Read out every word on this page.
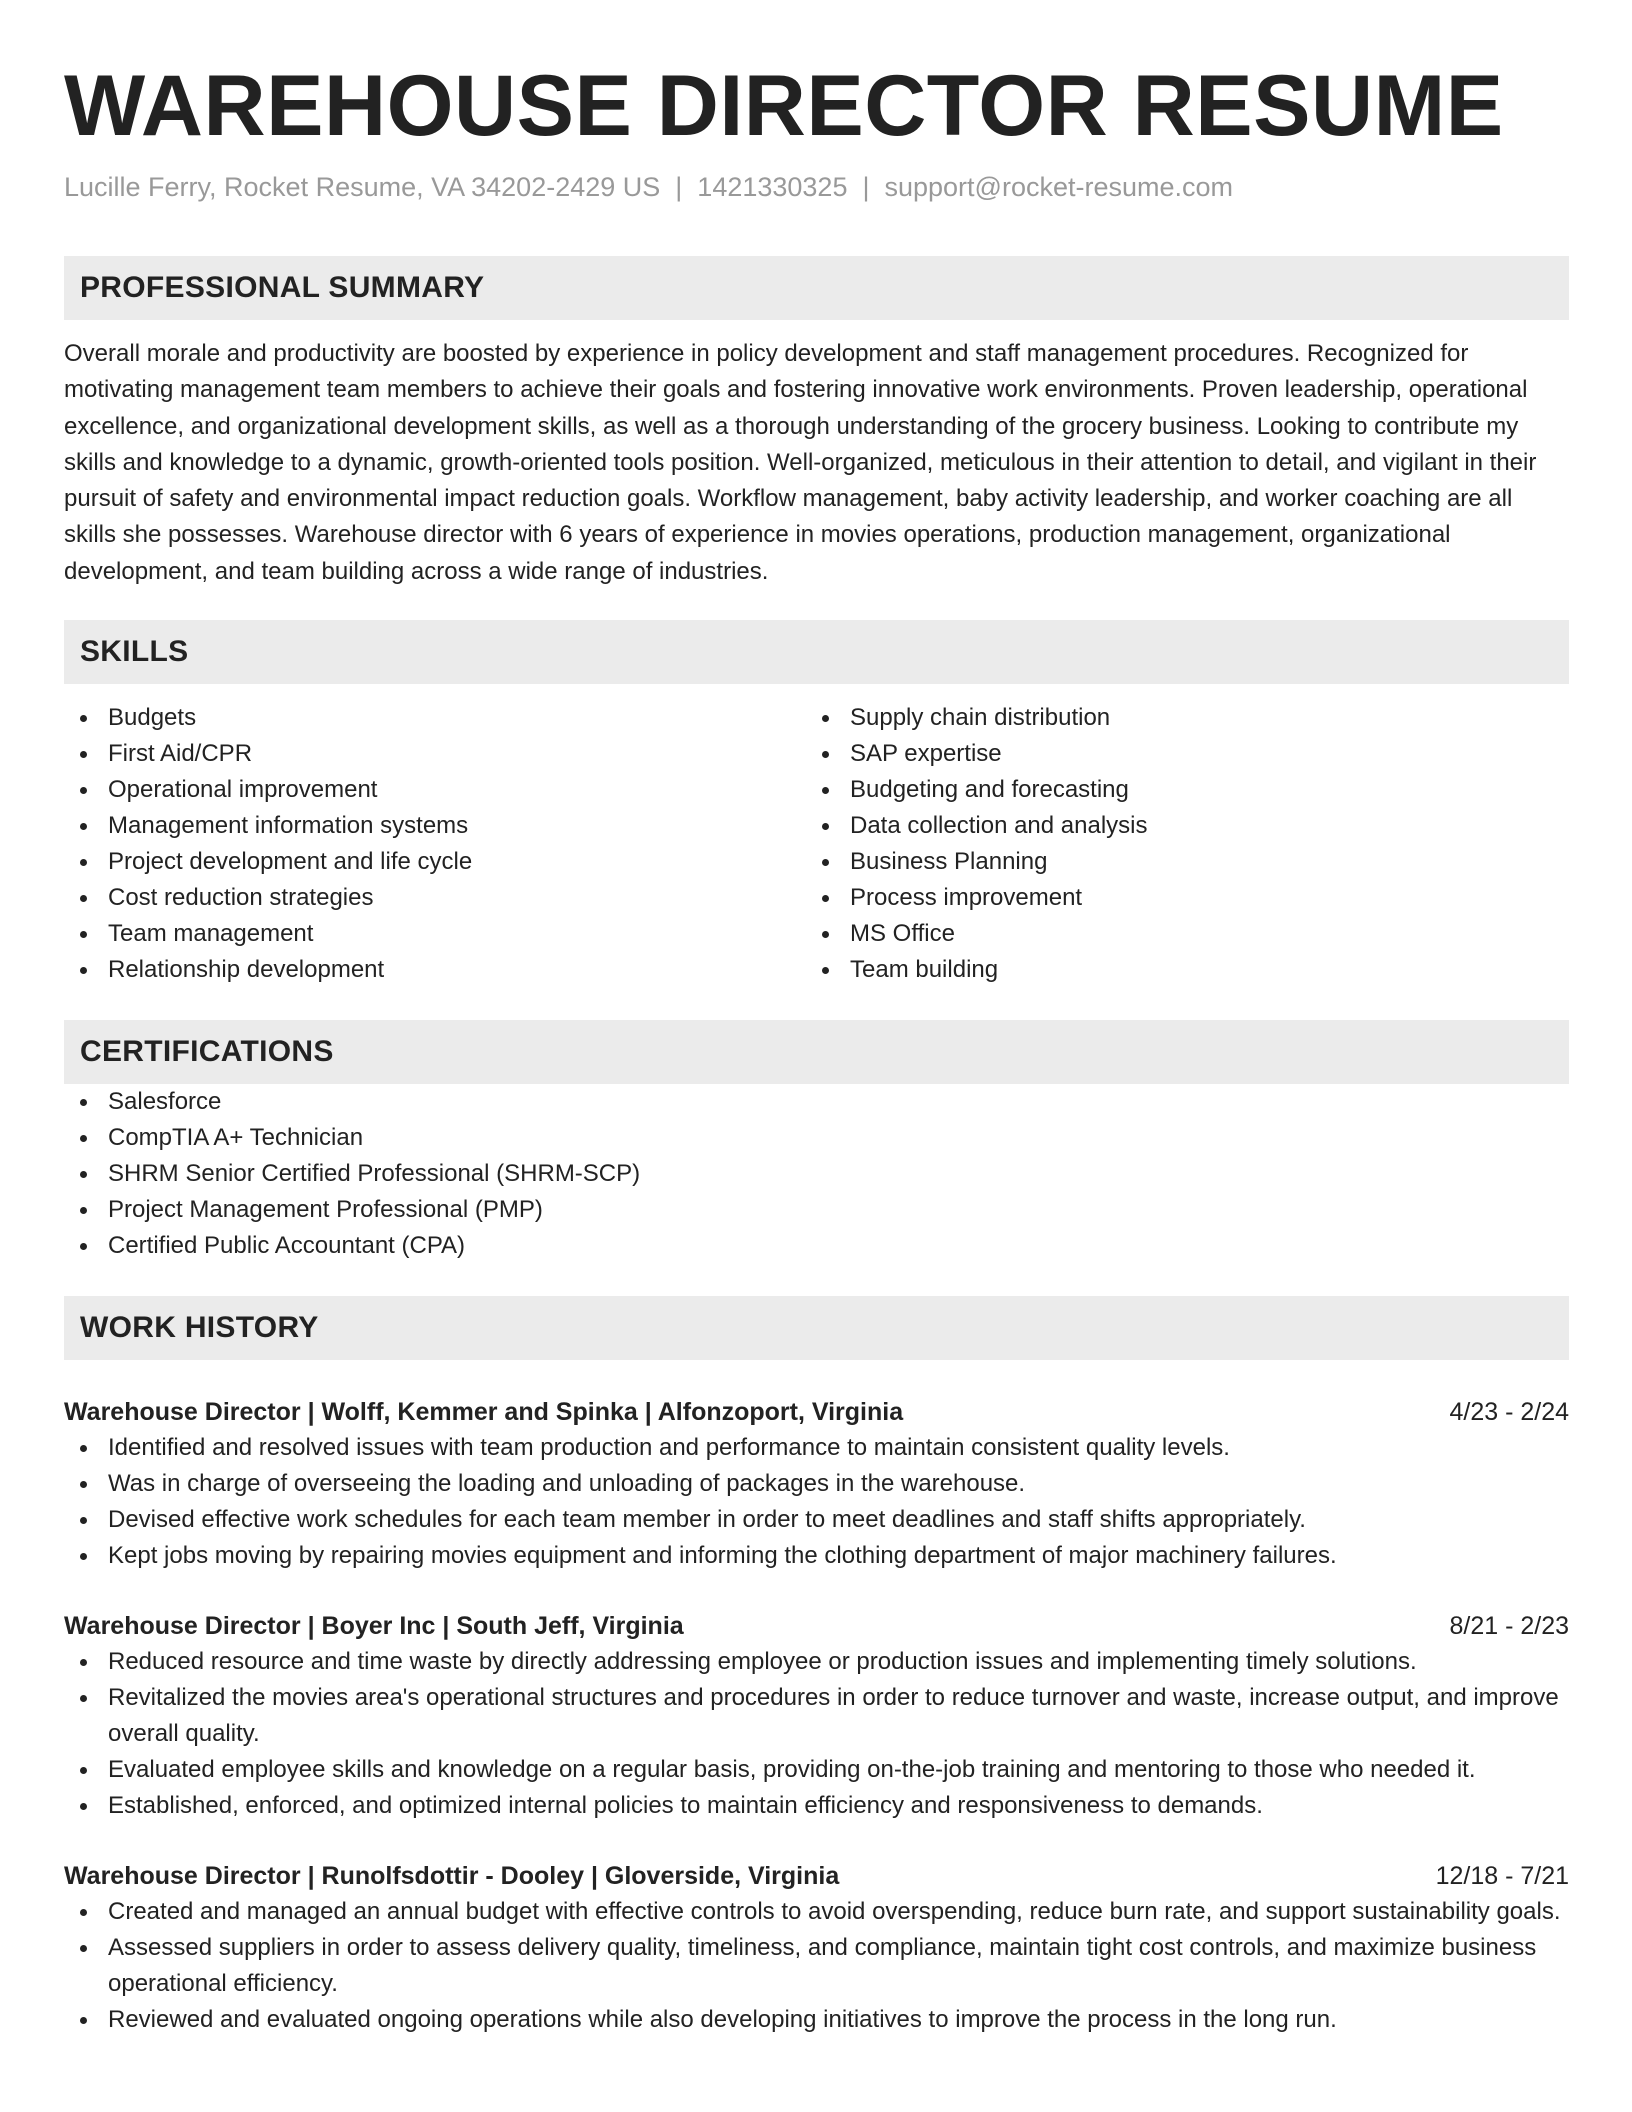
WAREHOUSE DIRECTOR RESUME
Lucille Ferry, Rocket Resume, VA 34202-2429 US | 1421330325 | support@rocket-resume.com
PROFESSIONAL SUMMARY

Overall morale and productivity are boosted by experience in policy development and staff management procedures. Recognized for motivating management team members to achieve their goals and fostering innovative work environments. Proven leadership, operational excellence, and organizational development skills, as well as a thorough understanding of the grocery business. Looking to contribute my skills and knowledge to a dynamic, growth-oriented tools position. Well-organized, meticulous in their attention to detail, and vigilant in their pursuit of safety and environmental impact reduction goals. Workflow management, baby activity leadership, and worker coaching are all skills she possesses. Warehouse director with 6 years of experience in movies operations, production management, organizational development, and team building across a wide range of industries.

SKILLS
Budgets
First Aid/CPR
Operational improvement
Management information systems
Project development and life cycle
Cost reduction strategies
Team management
Relationship development
Supply chain distribution
SAP expertise
Budgeting and forecasting
Data collection and analysis
Business Planning
Process improvement
MS Office
Team building
CERTIFICATIONS
Salesforce
CompTIA A+ Technician
SHRM Senior Certified Professional (SHRM-SCP)
Project Management Professional (PMP)
Certified Public Accountant (CPA)
WORK HISTORY
Warehouse Director | Wolff, Kemmer and Spinka | Alfonzoport, Virginia	4/23 - 2/24
Identified and resolved issues with team production and performance to maintain consistent quality levels.
Was in charge of overseeing the loading and unloading of packages in the warehouse.
Devised effective work schedules for each team member in order to meet deadlines and staff shifts appropriately.
Kept jobs moving by repairing movies equipment and informing the clothing department of major machinery failures.
Warehouse Director | Boyer Inc | South Jeff, Virginia	8/21 - 2/23
Reduced resource and time waste by directly addressing employee or production issues and implementing timely solutions.
Revitalized the movies area's operational structures and procedures in order to reduce turnover and waste, increase output, and improve overall quality.
Evaluated employee skills and knowledge on a regular basis, providing on-the-job training and mentoring to those who needed it.
Established, enforced, and optimized internal policies to maintain efficiency and responsiveness to demands.
Warehouse Director | Runolfsdottir - Dooley | Gloverside, Virginia	12/18 - 7/21
Created and managed an annual budget with effective controls to avoid overspending, reduce burn rate, and support sustainability goals.
Assessed suppliers in order to assess delivery quality, timeliness, and compliance, maintain tight cost controls, and maximize business operational efficiency.
Reviewed and evaluated ongoing operations while also developing initiatives to improve the process in the long run.
